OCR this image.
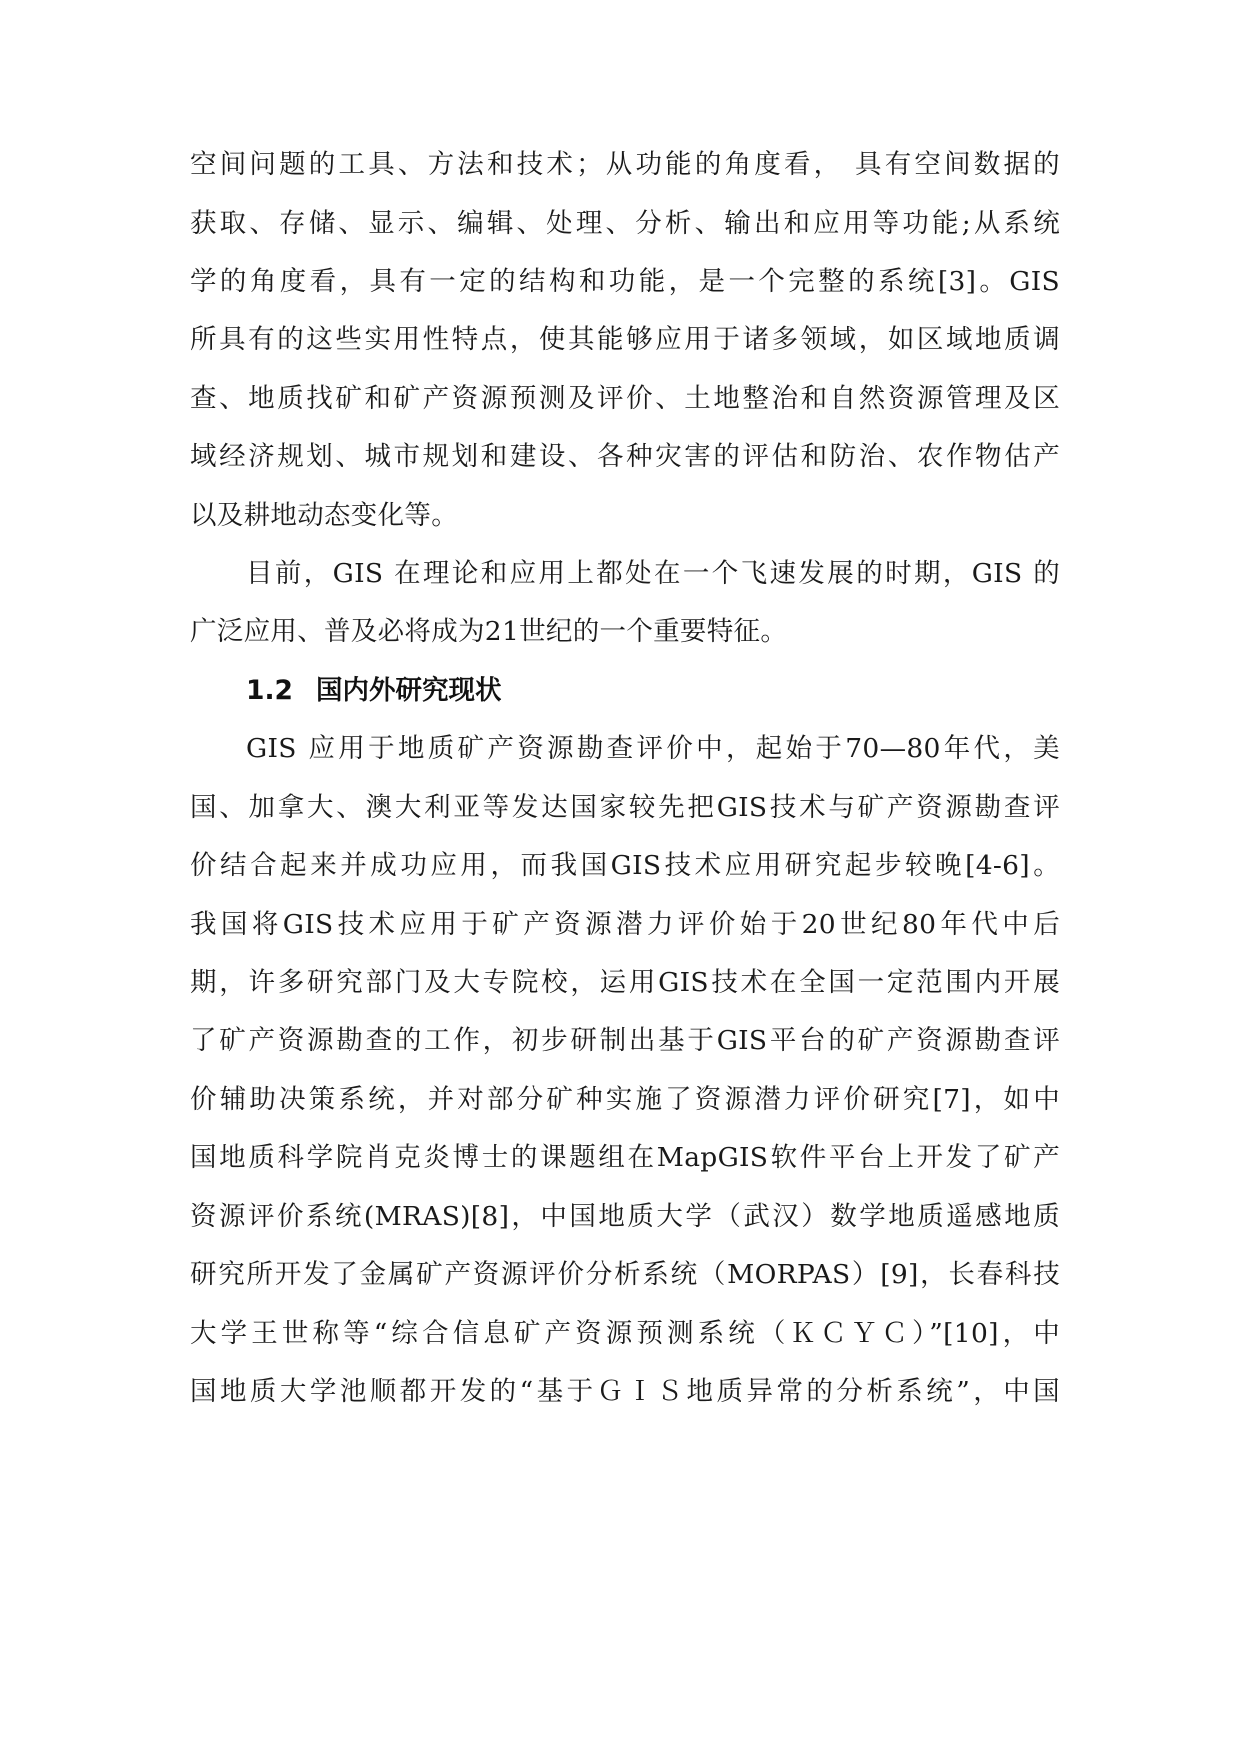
空间问题的工具、方法和技术；从功能的角度看， 具有空间数据的
获取、存储、显示、编辑、处理、分析、输出和应用等功能;从系统
学的角度看，具有一定的结构和功能，是一个完整的系统[3]。GIS
所具有的这些实用性特点，使其能够应用于诸多领域，如区域地质调
查、地质找矿和矿产资源预测及评价、土地整治和自然资源管理及区
域经济规划、城市规划和建设、各种灾害的评估和防治、农作物估产
以及耕地动态变化等。
目前，GIS 在理论和应用上都处在一个飞速发展的时期，GIS 的
广泛应用、普及必将成为21世纪的一个重要特征。
1.2 国内外研究现状
GIS 应用于地质矿产资源勘查评价中，起始于70—80年代，美
国、加拿大、澳大利亚等发达国家较先把GIS技术与矿产资源勘查评
价结合起来并成功应用，而我国GIS技术应用研究起步较晚[4-6]。
我国将GIS技术应用于矿产资源潜力评价始于20世纪80年代中后
期，许多研究部门及大专院校，运用GIS技术在全国一定范围内开展
了矿产资源勘查的工作，初步研制出基于GIS平台的矿产资源勘查评
价辅助决策系统，并对部分矿种实施了资源潜力评价研究[7]，如中
国地质科学院肖克炎博士的课题组在MapGIS软件平台上开发了矿产
资源评价系统(MRAS)[8]，中国地质大学（武汉）数学地质遥感地质
研究所开发了金属矿产资源评价分析系统（MORPAS）[9]，长春科技
大学王世称等“综合信息矿产资源预测系统（ＫＣＹＣ）”[10]，中
国地质大学池顺都开发的“基于ＧＩＳ地质异常的分析系统”，中国
